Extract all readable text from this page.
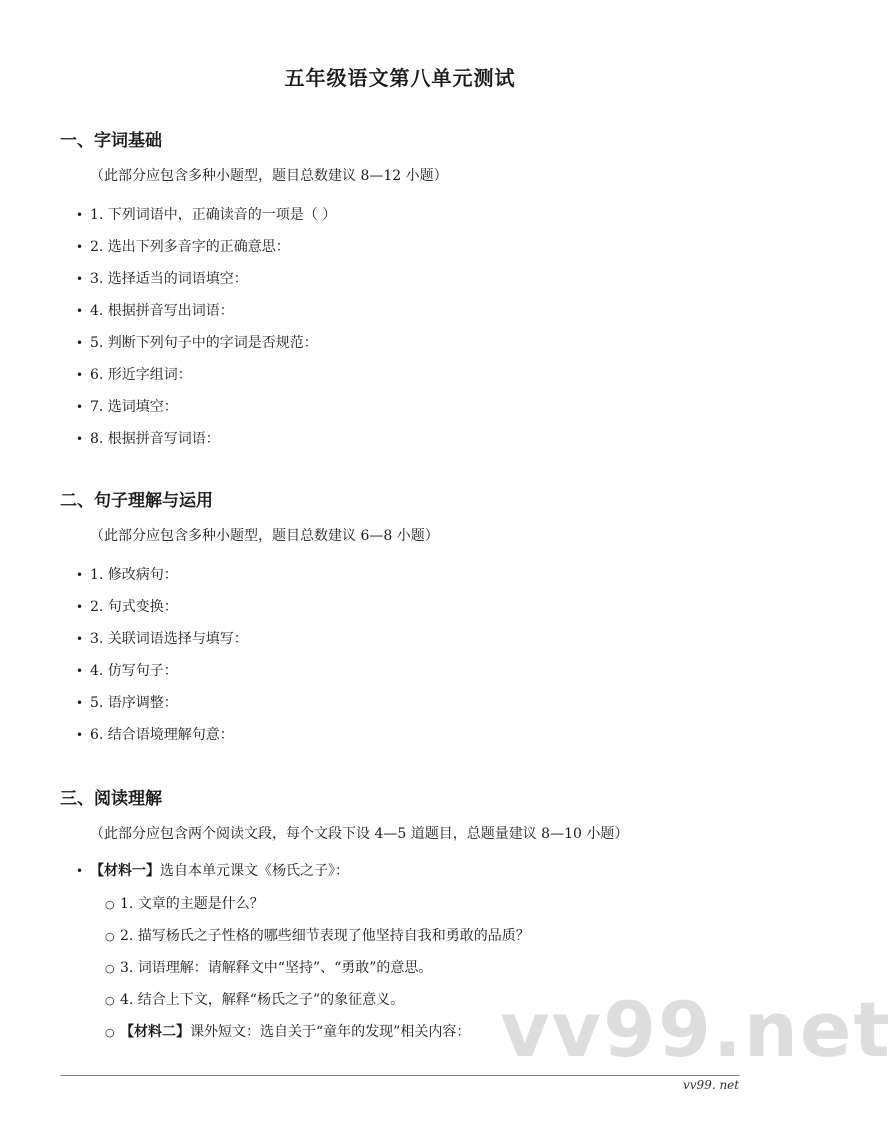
五年级语文第八单元测试
一、字词基础
（此部分应包含多种小题型，题目总数建议 8—12 小题）
• 1. 下列词语中，正确读音的一项是（ ）
• 2. 选出下列多音字的正确意思：
• 3. 选择适当的词语填空：
• 4. 根据拼音写出词语：
• 5. 判断下列句子中的字词是否规范：
• 6. 形近字组词：
• 7. 选词填空：
• 8. 根据拼音写词语：
二、句子理解与运用
（此部分应包含多种小题型，题目总数建议 6—8 小题）
• 1. 修改病句：
• 2. 句式变换：
• 3. 关联词语选择与填写：
• 4. 仿写句子：
• 5. 语序调整：
• 6. 结合语境理解句意：
三、阅读理解
（此部分应包含两个阅读文段，每个文段下设 4—5 道题目，总题量建议 8—10 小题）
• 【材料一】选自本单元课文《杨氏之子》：
○ 1. 文章的主题是什么？
○ 2. 描写杨氏之子性格的哪些细节表现了他坚持自我和勇敢的品质？
○ 3. 词语理解：请解释文中“坚持”、“勇敢”的意思。
○ 4. 结合上下文，解释“杨氏之子”的象征意义。
○ 【材料二】课外短文：选自关于“童年的发现”相关内容： vv99.net
vv99. net
